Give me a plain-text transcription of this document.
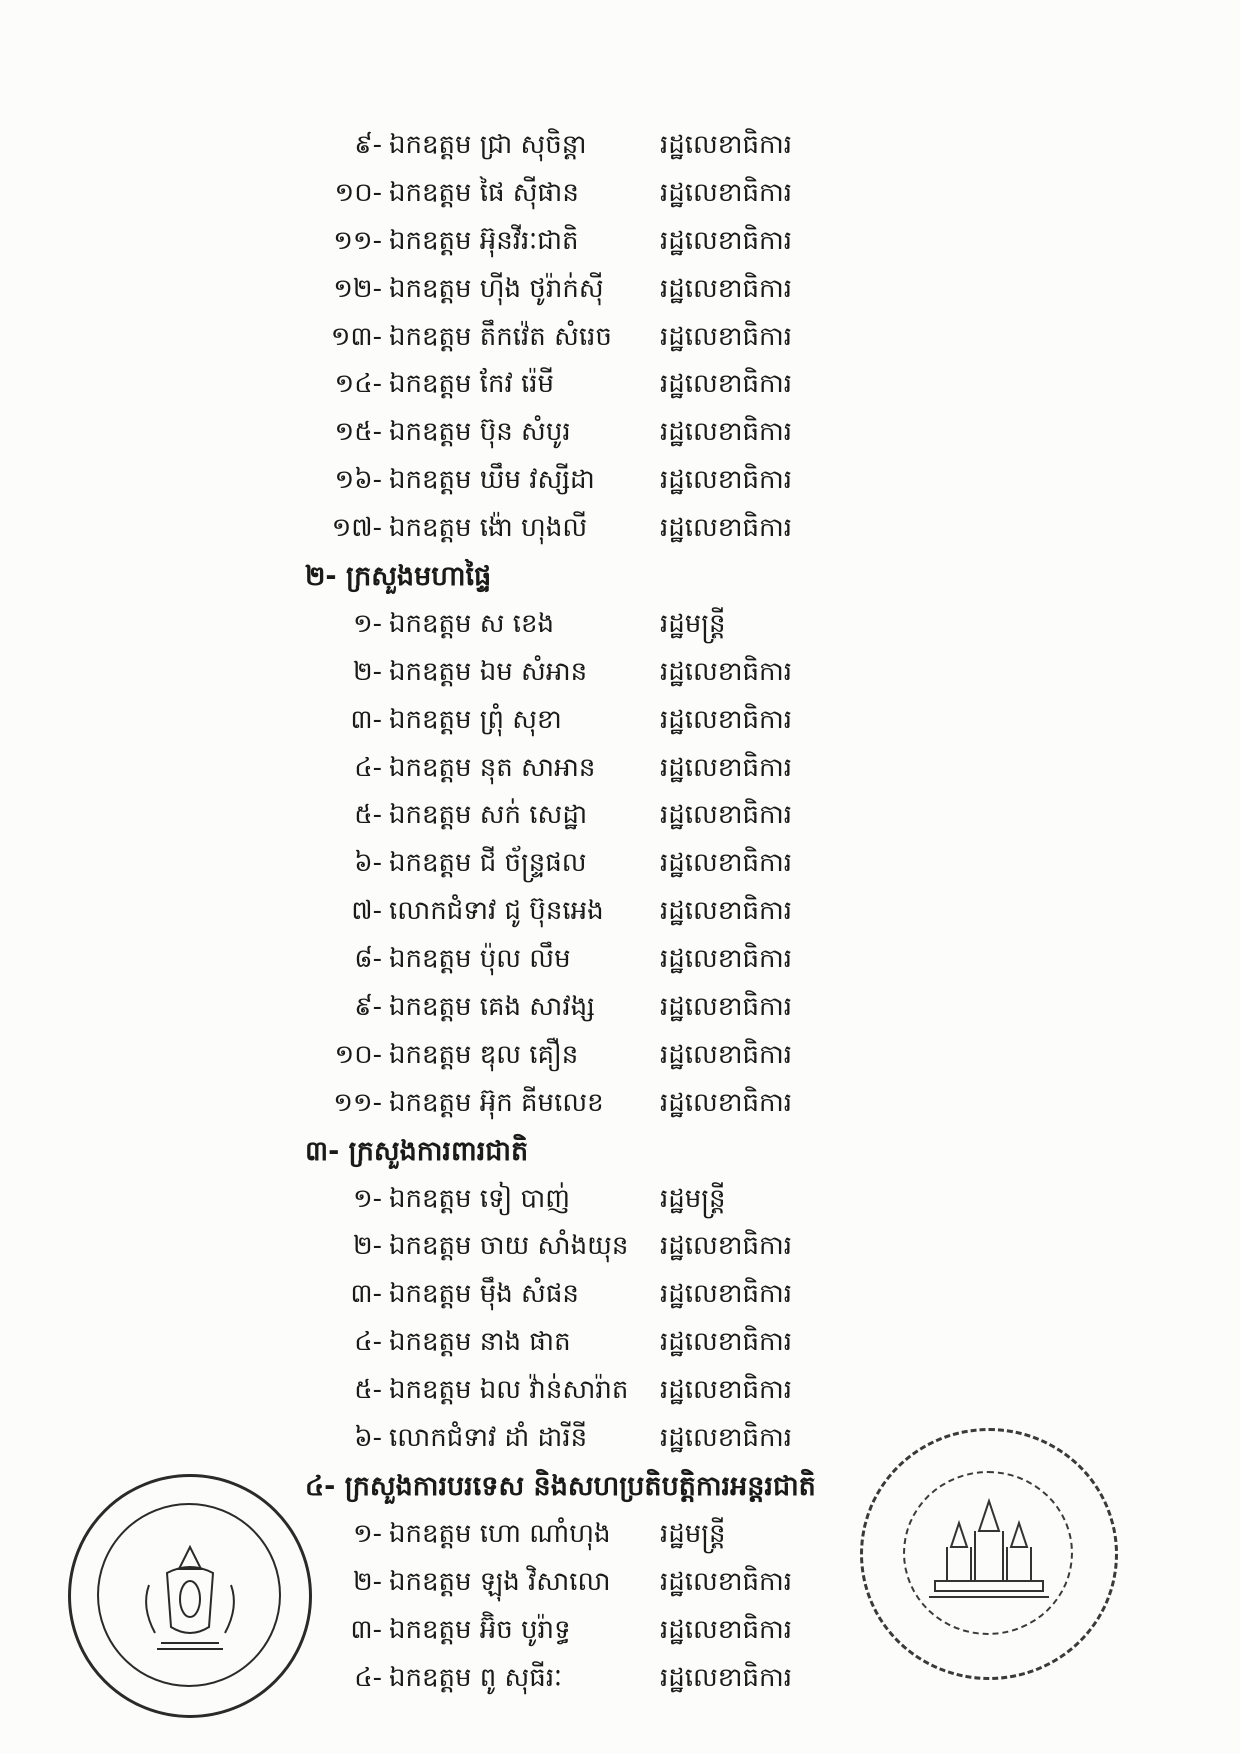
៩- ឯកឧត្តម ជ្រា សុចិន្តា	រដ្ឋលេខាធិការ
១០- ឯកឧត្តម ផៃ ស៊ីផាន	រដ្ឋលេខាធិការ
១១- ឯកឧត្តម អ៊ុនវីរៈជាតិ	រដ្ឋលេខាធិការ
១២- ឯកឧត្តម ហ៊ីង ថូរ៉ាក់ស៊ី រដ្ឋលេខាធិការ
១៣- ឯកឧត្តម តឹកវ៉េត សំរេច រដ្ឋលេខាធិការ
១៤- ឯកឧត្តម កែវ រ៉េមី	រដ្ឋលេខាធិការ
១៥- ឯកឧត្តម ប៊ុន សំបូរ	រដ្ឋលេខាធិការ
១៦- ឯកឧត្តម ឃឹម វស្សីដា	រដ្ឋលេខាធិការ
១៧- ឯកឧត្តម ង៉ោ ហុងលី	រដ្ឋលេខាធិការ
២- ក្រសួងមហាផ្ទៃ
១- ឯកឧត្តម ស ខេង	រដ្ឋមន្ត្រី
២- ឯកឧត្តម ឯម សំអាន	រដ្ឋលេខាធិការ
៣- ឯកឧត្តម ព្រុំ សុខា	រដ្ឋលេខាធិការ
៤- ឯកឧត្តម នុត សាអាន រដ្ឋលេខាធិការ
៥- ឯកឧត្តម សក់ សេដ្ឋា	រដ្ឋលេខាធិការ
៦- ឯកឧត្តម ជី ច័ន្ទ្រផល	រដ្ឋលេខាធិការ
៧- លោកជំទាវ ជូ ប៊ុនអេង រដ្ឋលេខាធិការ
៨- ឯកឧត្តម ប៉ុល លឹម	រដ្ឋលេខាធិការ
៩- ឯកឧត្តម គេង សាវង្ស	រដ្ឋលេខាធិការ
១០- ឯកឧត្តម ឌុល គឿន	រដ្ឋលេខាធិការ
១១- ឯកឧត្តម អ៊ុក គីមលេខ រដ្ឋលេខាធិការ
៣- ក្រសួងការពារជាតិ
១- ឯកឧត្តម ទៀ បាញ់	រដ្ឋមន្ត្រី
២- ឯកឧត្តម ចាយ សាំងយុន រដ្ឋលេខាធិការ
៣- ឯកឧត្តម ម៉ឹង សំផន	រដ្ឋលេខាធិការ
៤- ឯកឧត្តម នាង ផាត	រដ្ឋលេខាធិការ
៥- ឯកឧត្តម ឯល វ៉ាន់សារ៉ាត រដ្ឋលេខាធិការ
៦- លោកជំទាវ ដាំ ដារីនី	រដ្ឋលេខាធិការ
៤- ក្រសួងការបរទេស និងសហប្រតិបត្តិការអន្តរជាតិ
១- ឯកឧត្តម ហោ ណាំហុង រដ្ឋមន្ត្រី
២- ឯកឧត្តម ឡុង វិសាលោ រដ្ឋលេខាធិការ
៣- ឯកឧត្តម អ៊ិច បូរ៉ាទ្ធ	រដ្ឋលេខាធិការ
៤- ឯកឧត្តម ពូ សុធីរៈ	រដ្ឋលេខាធិការ
